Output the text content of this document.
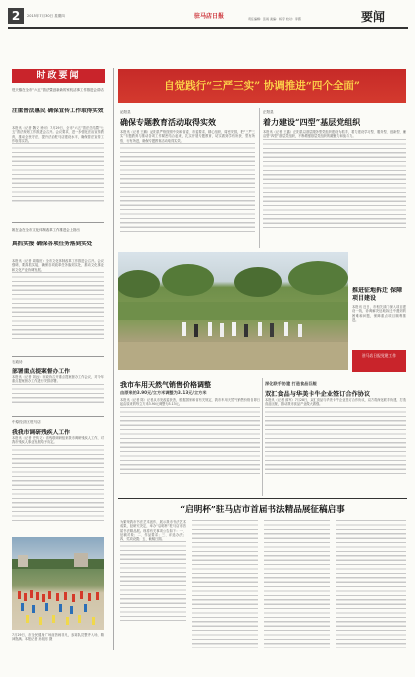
2	2015年7月30日 星期四	驻马店日报	责任编辑：张雨 美编：杨宇 校对：李霞	要闻
时政要闻
驻天镇在全市“六五”普法暨创新新的家机活事工作推进会讲话
注重普法惠民 确保宣传工作取得实效
本报讯（记者 魏义 徐可）7月29日，全市“六五”普法总结暨“七五”普法规划工作推进会召开。会议要求，进一步强化法治宣传教育，推动全民守法，提升法治驻马店建设水平，确保普法宣传工作取得实效。
姚在金在全市文化体制改革工作推进会上指出
真抓实接 确保各项任务落到实处
本报讯（记者 周瑞田）全市文化体制改革工作推进会召开。会议强调，要真抓实接，确保各项改革任务落到实处，推动文化事业和文化产业协调发展。
石政协
部署重点提案督办工作
本报讯（记者 刘远）市政协召开重点提案督办工作会议，对今年重点提案督办工作进行安排部署。
中原经济区驻马店
我我市调研残疾人工作
本报讯（记者 史传义）省残联调研组来我市调研残疾人工作，对我市残疾人事业发展给予肯定。
7月29日，市全民健身广场前热闹非凡，参赛队员整齐入场，精神饱满。本报记者 孙旭东 摄
自觉践行“三严三实” 协调推进“四个全面”
泌阳县
确保专题教育活动取得实效
本报讯（记者 王鹏）泌阳县严格按照中央和省委、市委要求，精心组织，周密安排，把“三严三实”专题教育与推动各项工作紧密结合起来，扎实开展专题教育，切实做到学有所获、思有所悟、行有所进，确保专题教育活动取得实效。
正阳县
着力建设“四型”基层党组织
本报讯（记者 王鑫）正阳县以基层服务型党组织建设为抓手，着力建设学习型、服务型、创新型、廉洁型“四型”基层党组织，不断增强基层党组织的凝聚力和战斗力。
推进征地拆迁 保障项目建设
本报讯 近日，市相关部门深入项目建设一线，协调解决征地拆迁中遇到的困难和问题，保障重点项目顺利推进。
驻马店日报党建工作
我市车用天然气销售价格调整
由原来的3.90元/立方米调整为3.13元/立方米
本报讯（记者 陈）记者从市发改委获悉，根据国家和省有关规定，我市车用天然气销售价格自即日起由原来的每立方米3.90元调整为3.13元。
深化联手协建 打造食品巨舰
双汇食品与华美卡牛企业签订合作协议
本报讯（记者 薛军）7月28日，双汇食品与华美卡牛企业签订合作协议，双方将深化联手协建，打造食品巨舰，推动我市食品产业做大做强。
“启明杯”驻马店市首届书法精品展征稿启事
为繁荣我市书法艺术创作，展示我市书法艺术成果，经研究决定，举办“启明杯”驻马店市首届书法精品展。现将有关事项公告如下：一、征稿对象；二、作品要求；三、评选办法；四、奖项设置；五、截稿日期。
